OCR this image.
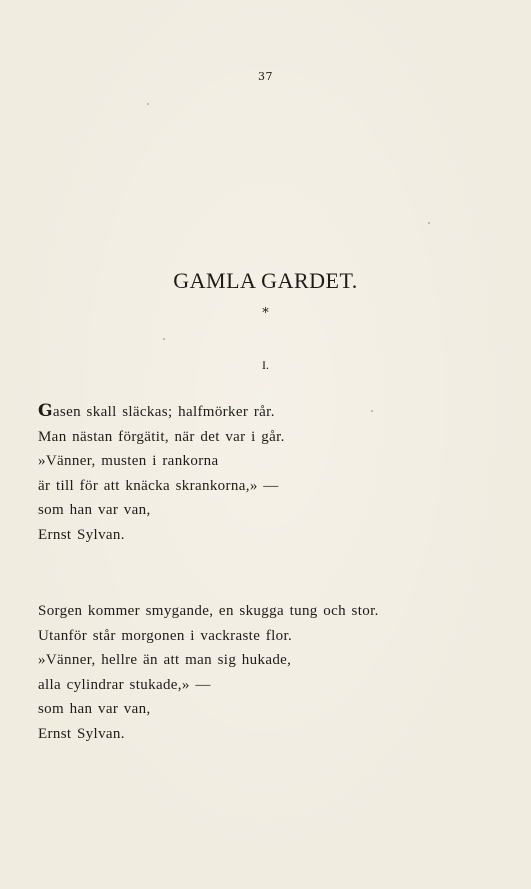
37
GAMLA GARDET.
*
I.
Gasen skall släckas; halfmörker rår.
Man nästan förgätit, när det var i går.
»Vänner, musten i rankorna
är till för att knäcka skrankorna,» —
som han var van,
Ernst Sylvan.
Sorgen kommer smygande, en skugga tung och stor.
Utanför står morgonen i vackraste flor.
»Vänner, hellre än att man sig hukade,
alla cylindrar stukade,» —
som han var van,
Ernst Sylvan.
